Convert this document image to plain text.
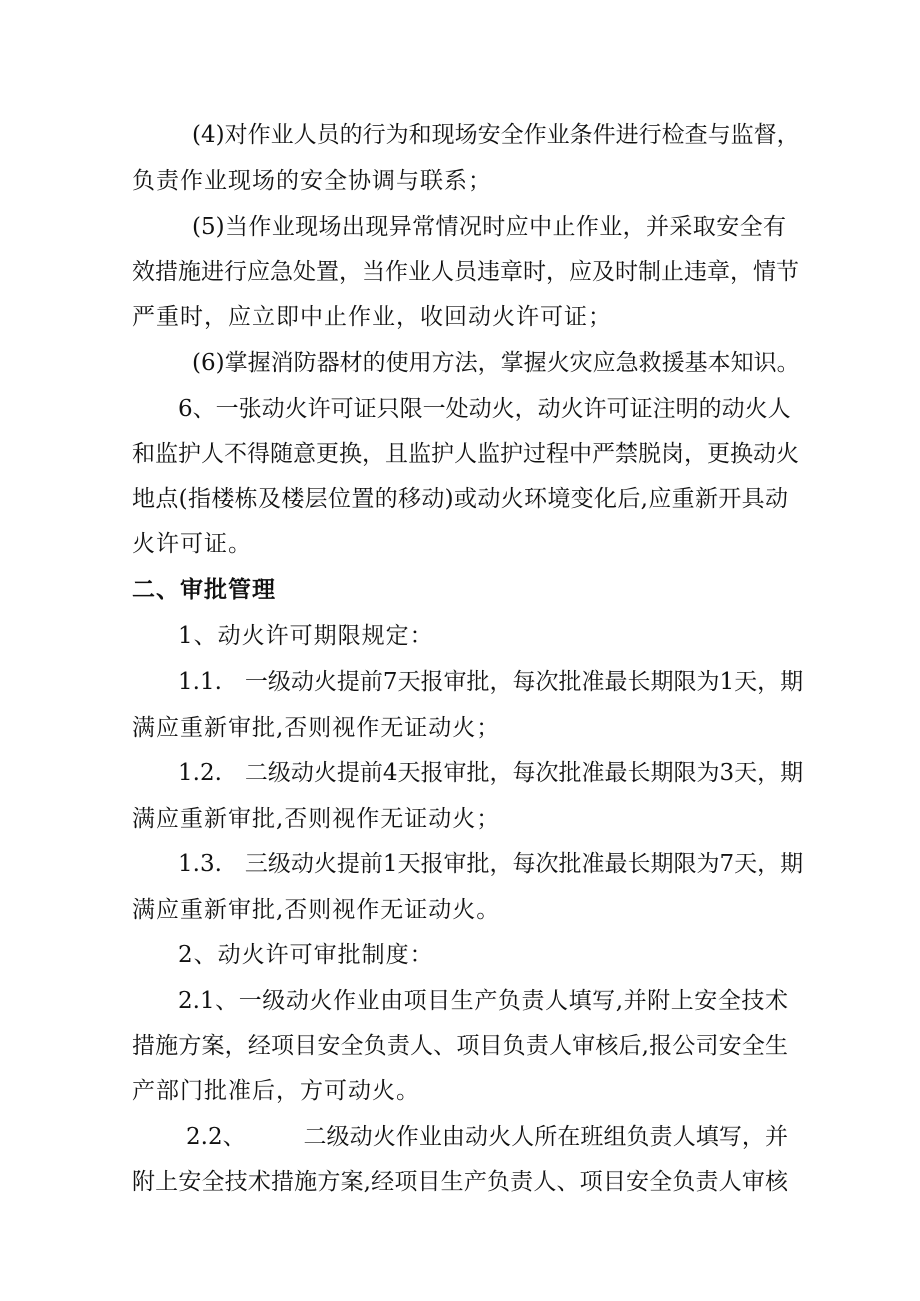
(4)对作业人员的行为和现场安全作业条件进行检查与监督，
负责作业现场的安全协调与联系；
(5)当作业现场出现异常情况时应中止作业，并采取安全有
效措施进行应急处置，当作业人员违章时，应及时制止违章，情节
严重时，应立即中止作业，收回动火许可证；
(6)掌握消防器材的使用方法，掌握火灾应急救援基本知识。
6、一张动火许可证只限一处动火，动火许可证注明的动火人
和监护人不得随意更换，且监护人监护过程中严禁脱岗，更换动火
地点(指楼栋及楼层位置的移动)或动火环境变化后,应重新开具动
火许可证。
二、审批管理
1、动火许可期限规定：
1.1.　一级动火提前7天报审批，每次批准最长期限为1天，期
满应重新审批,否则视作无证动火；
1.2.　二级动火提前4天报审批，每次批准最长期限为3天，期
满应重新审批,否则视作无证动火；
1.3.　三级动火提前1天报审批，每次批准最长期限为7天，期
满应重新审批,否则视作无证动火。
2、动火许可审批制度：
2.1、一级动火作业由项目生产负责人填写,并附上安全技术
措施方案，经项目安全负责人、项目负责人审核后,报公司安全生
产部门批准后，方可动火。
2.2、　　　二级动火作业由动火人所在班组负责人填写，并
附上安全技术措施方案,经项目生产负责人、项目安全负责人审核
